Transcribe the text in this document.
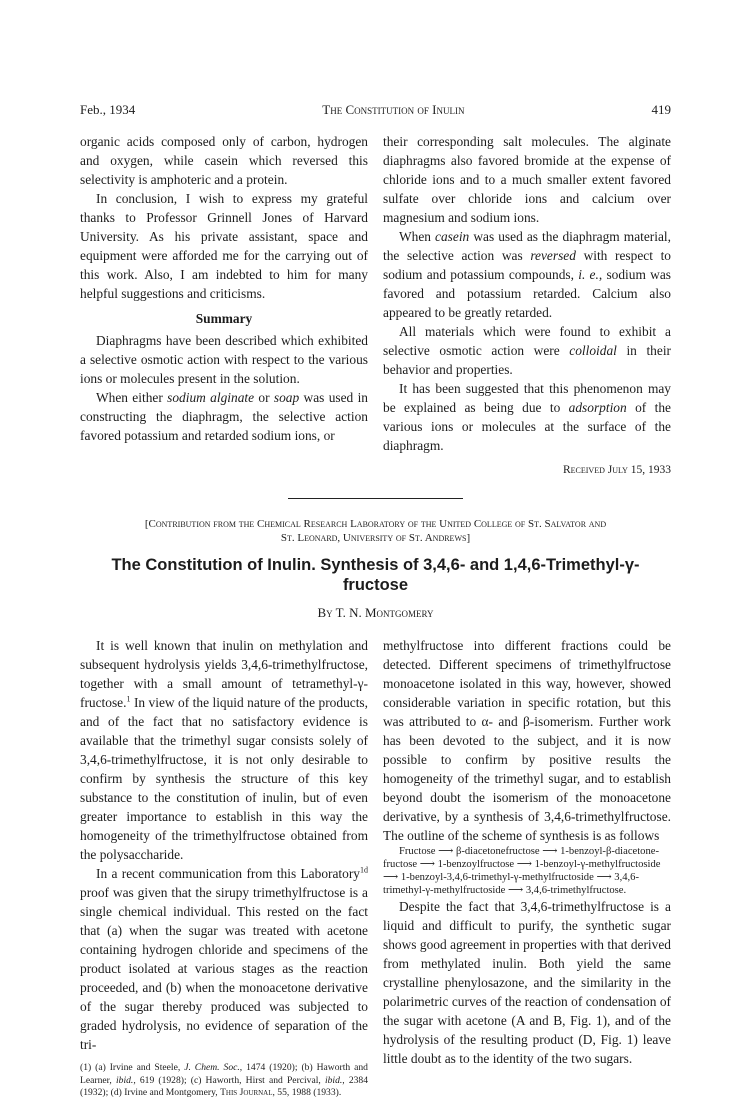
Feb., 1934	The Constitution of Inulin	419

organic acids composed only of carbon, hydrogen and oxygen, while casein which reversed this selectivity is amphoteric and a protein.

In conclusion, I wish to express my grateful thanks to Professor Grinnell Jones of Harvard University. As his private assistant, space and equipment were afforded me for the carrying out of this work. Also, I am indebted to him for many helpful suggestions and criticisms.

Summary

Diaphragms have been described which exhibited a selective osmotic action with respect to the various ions or molecules present in the solution.

When either sodium alginate or soap was used in constructing the diaphragm, the selective action favored potassium and retarded sodium ions, or

their corresponding salt molecules. The alginate diaphragms also favored bromide at the expense of chloride ions and to a much smaller extent favored sulfate over chloride ions and calcium over magnesium and sodium ions.

When casein was used as the diaphragm material, the selective action was reversed with respect to sodium and potassium compounds, i. e., sodium was favored and potassium retarded. Calcium also appeared to be greatly retarded.

All materials which were found to exhibit a selective osmotic action were colloidal in their behavior and properties.

It has been suggested that this phenomenon may be explained as being due to adsorption of the various ions or molecules at the surface of the diaphragm.

Received July 15, 1933
[Contribution from the Chemical Research Laboratory of the United College of St. Salvator and
St. Leonard, University of St. Andrews]
The Constitution of Inulin. Synthesis of 3,4,6- and 1,4,6-Trimethyl-γ-fructose
By T. N. Montgomery

It is well known that inulin on methylation and subsequent hydrolysis yields 3,4,6-trimethylfructose, together with a small amount of tetramethyl-γ-fructose.$^1$ In view of the liquid nature of the products, and of the fact that no satisfactory evidence is available that the trimethyl sugar consists solely of 3,4,6-trimethylfructose, it is not only desirable to confirm by synthesis the structure of this key substance to the constitution of inulin, but of even greater importance to establish in this way the homogeneity of the trimethylfructose obtained from the polysaccharide.

In a recent communication from this Laboratory$^{1d}$ proof was given that the sirupy trimethylfructose is a single chemical individual. This rested on the fact that (a) when the sugar was treated with acetone containing hydrogen chloride and specimens of the product isolated at various stages as the reaction proceeded, and (b) when the monoacetone derivative of the sugar thereby produced was subjected to graded hydrolysis, no evidence of separation of the tri-

(1) (a) Irvine and Steele, J. Chem. Soc., 1474 (1920); (b) Haworth and Learner, ibid., 619 (1928); (c) Haworth, Hirst and Percival, ibid., 2384 (1932); (d) Irvine and Montgomery, This Journal, 55, 1988 (1933).

methylfructose into different fractions could be detected. Different specimens of trimethylfructose monoacetone isolated in this way, however, showed considerable variation in specific rotation, but this was attributed to α- and β-isomerism. Further work has been devoted to the subject, and it is now possible to confirm by positive results the homogeneity of the trimethyl sugar, and to establish beyond doubt the isomerism of the monoacetone derivative, by a synthesis of 3,4,6-trimethylfructose. The outline of the scheme of synthesis is as follows

Fructose ⟶ β-diacetonefructose ⟶ 1-benzoyl-β-diacetone-fructose ⟶ 1-benzoylfructose ⟶ 1-benzoyl-γ-methylfructoside ⟶ 1-benzoyl-3,4,6-trimethyl-γ-methylfructoside ⟶ 3,4,6-trimethyl-γ-methylfructoside ⟶ 3,4,6-trimethylfructose.

Despite the fact that 3,4,6-trimethylfructose is a liquid and difficult to purify, the synthetic sugar shows good agreement in properties with that derived from methylated inulin. Both yield the same crystalline phenylosazone, and the similarity in the polarimetric curves of the reaction of condensation of the sugar with acetone (A and B, Fig. 1), and of the hydrolysis of the resulting product (D, Fig. 1) leave little doubt as to the identity of the two sugars.
